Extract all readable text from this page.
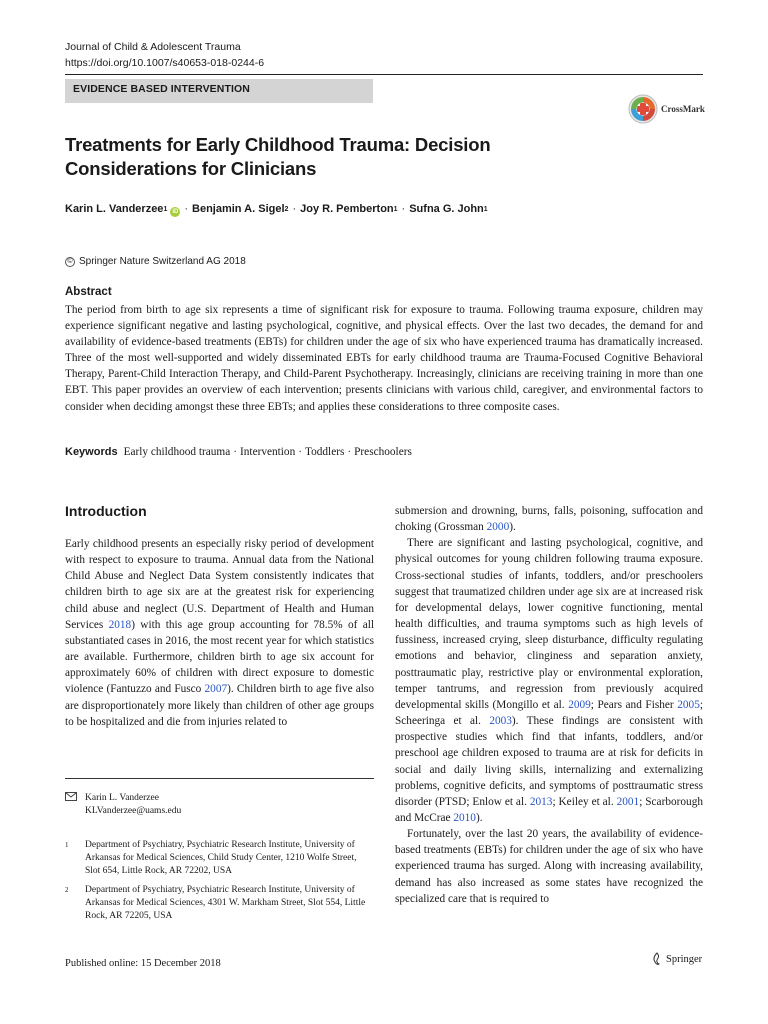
Journal of Child & Adolescent Trauma
https://doi.org/10.1007/s40653-018-0244-6
EVIDENCE BASED INTERVENTION
CrossMark
Treatments for Early Childhood Trauma: Decision Considerations for Clinicians
Karin L. Vanderzee$^1$ iD · Benjamin A. Sigel$^2$ · Joy R. Pemberton$^1$ · Sufna G. John$^1$
© Springer Nature Switzerland AG 2018
Abstract

The period from birth to age six represents a time of significant risk for exposure to trauma. Following trauma exposure, children may experience significant negative and lasting psychological, cognitive, and physical effects. Over the last two decades, the demand for and availability of evidence-based treatments (EBTs) for children under the age of six who have experienced trauma has dramatically increased. Three of the most well-supported and widely disseminated EBTs for early childhood trauma are Trauma-Focused Cognitive Behavioral Therapy, Parent-Child Interaction Therapy, and Child-Parent Psychotherapy. Increasingly, clinicians are receiving training in more than one EBT. This paper provides an overview of each intervention; presents clinicians with various child, caregiver, and environmental factors to consider when deciding amongst these three EBTs; and applies these considerations to three composite cases.

Keywords Early childhood trauma · Intervention · Toddlers · Preschoolers
Introduction

Early childhood presents an especially risky period of development with respect to exposure to trauma. Annual data from the National Child Abuse and Neglect Data System consistently indicates that children birth to age six are at the greatest risk for experiencing child abuse and neglect (U.S. Department of Health and Human Services 2018) with this age group accounting for 78.5% of all substantiated cases in 2016, the most recent year for which statistics are available. Furthermore, children birth to age six account for approximately 60% of children with direct exposure to domestic violence (Fantuzzo and Fusco 2007). Children birth to age five also are disproportionately more likely than children of other age groups to be hospitalized and die from injuries related to

submersion and drowning, burns, falls, poisoning, suffocation and choking (Grossman 2000).

There are significant and lasting psychological, cognitive, and physical outcomes for young children following trauma exposure. Cross-sectional studies of infants, toddlers, and/or preschoolers suggest that traumatized children under age six are at increased risk for developmental delays, lower cognitive functioning, mental health difficulties, and trauma symptoms such as high levels of fussiness, increased crying, sleep disturbance, difficulty regulating emotions and behavior, clinginess and separation anxiety, posttraumatic play, restrictive play or environmental exploration, temper tantrums, and regression from previously acquired developmental skills (Mongillo et al. 2009; Pears and Fisher 2005; Scheeringa et al. 2003). These findings are consistent with prospective studies which find that infants, toddlers, and/or preschool age children exposed to trauma are at risk for deficits in social and daily living skills, internalizing and externalizing problems, cognitive deficits, and symptoms of posttraumatic stress disorder (PTSD; Enlow et al. 2013; Keiley et al. 2001; Scarborough and McCrae 2010).

Fortunately, over the last 20 years, the availability of evidence-based treatments (EBTs) for children under the age of six who have experienced trauma has surged. Along with increasing availability, demand has also increased as some states have recognized the specialized care that is required to

Karin L. Vanderzee
KLVanderzee@uams.edu
1	Department of Psychiatry, Psychiatric Research Institute, University of Arkansas for Medical Sciences, Child Study Center, 1210 Wolfe Street, Slot 654, Little Rock, AR 72202, USA
2	Department of Psychiatry, Psychiatric Research Institute, University of Arkansas for Medical Sciences, 4301 W. Markham Street, Slot 554, Little Rock, AR 72205, USA
Published online: 15 December 2018	Springer
